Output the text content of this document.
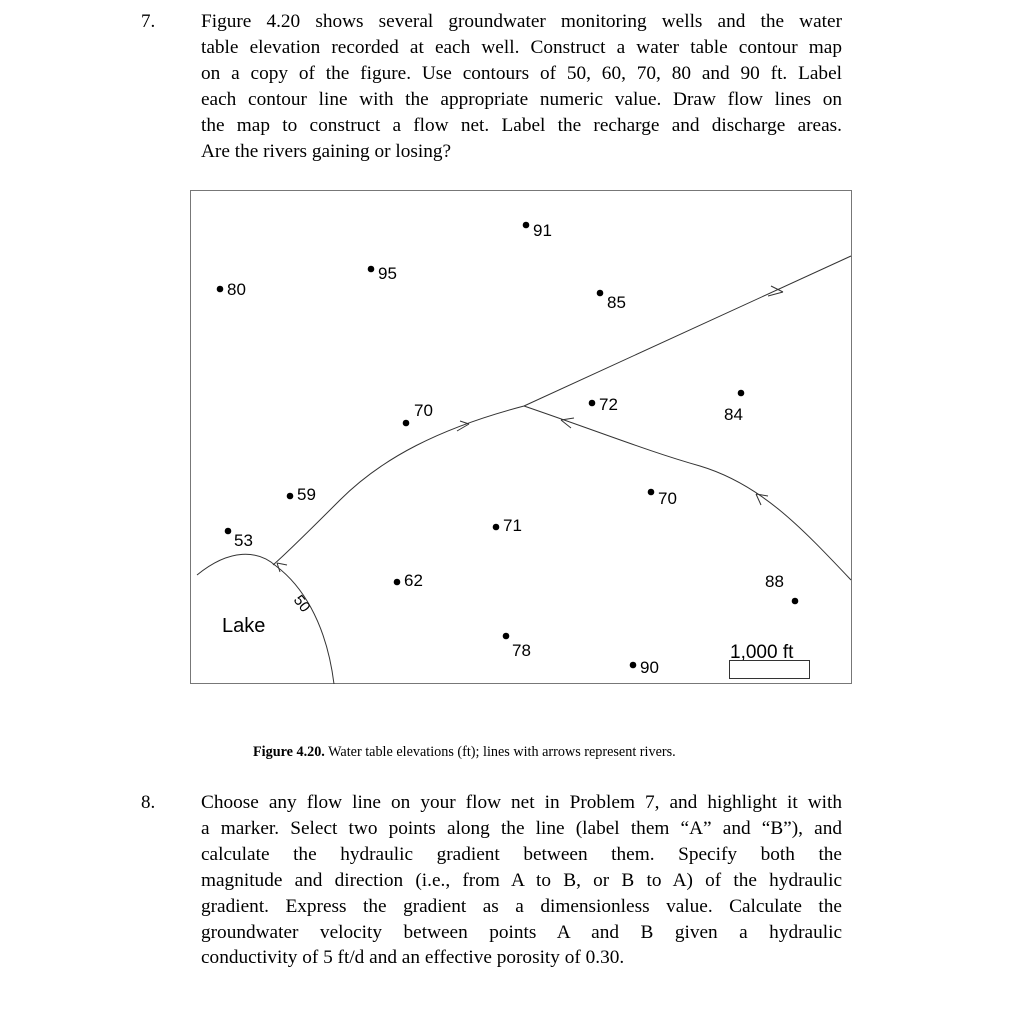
7. Figure 4.20 shows several groundwater monitoring wells and the water
table elevation recorded at each well. Construct a water table contour map
on a copy of the figure. Use contours of 50, 60, 70, 80 and 90 ft. Label
each contour line with the appropriate numeric value. Draw flow lines on
the map to construct a flow net. Label the recharge and discharge areas.
Are the rivers gaining or losing?
80
95
91
85
70	72
84
59
53
71
70
62	88
78
90
Lake
50
1,000 ft
Figure 4.20. Water table elevations (ft); lines with arrows represent rivers.
8. Choose any flow line on your flow net in Problem 7, and highlight it with
a marker. Select two points along the line (label them “A” and “B”), and
calculate the hydraulic gradient between them. Specify both the
magnitude and direction (i.e., from A to B, or B to A) of the hydraulic
gradient. Express the gradient as a dimensionless value. Calculate the
groundwater velocity between points A and B given a hydraulic
conductivity of 5 ft/d and an effective porosity of 0.30.
